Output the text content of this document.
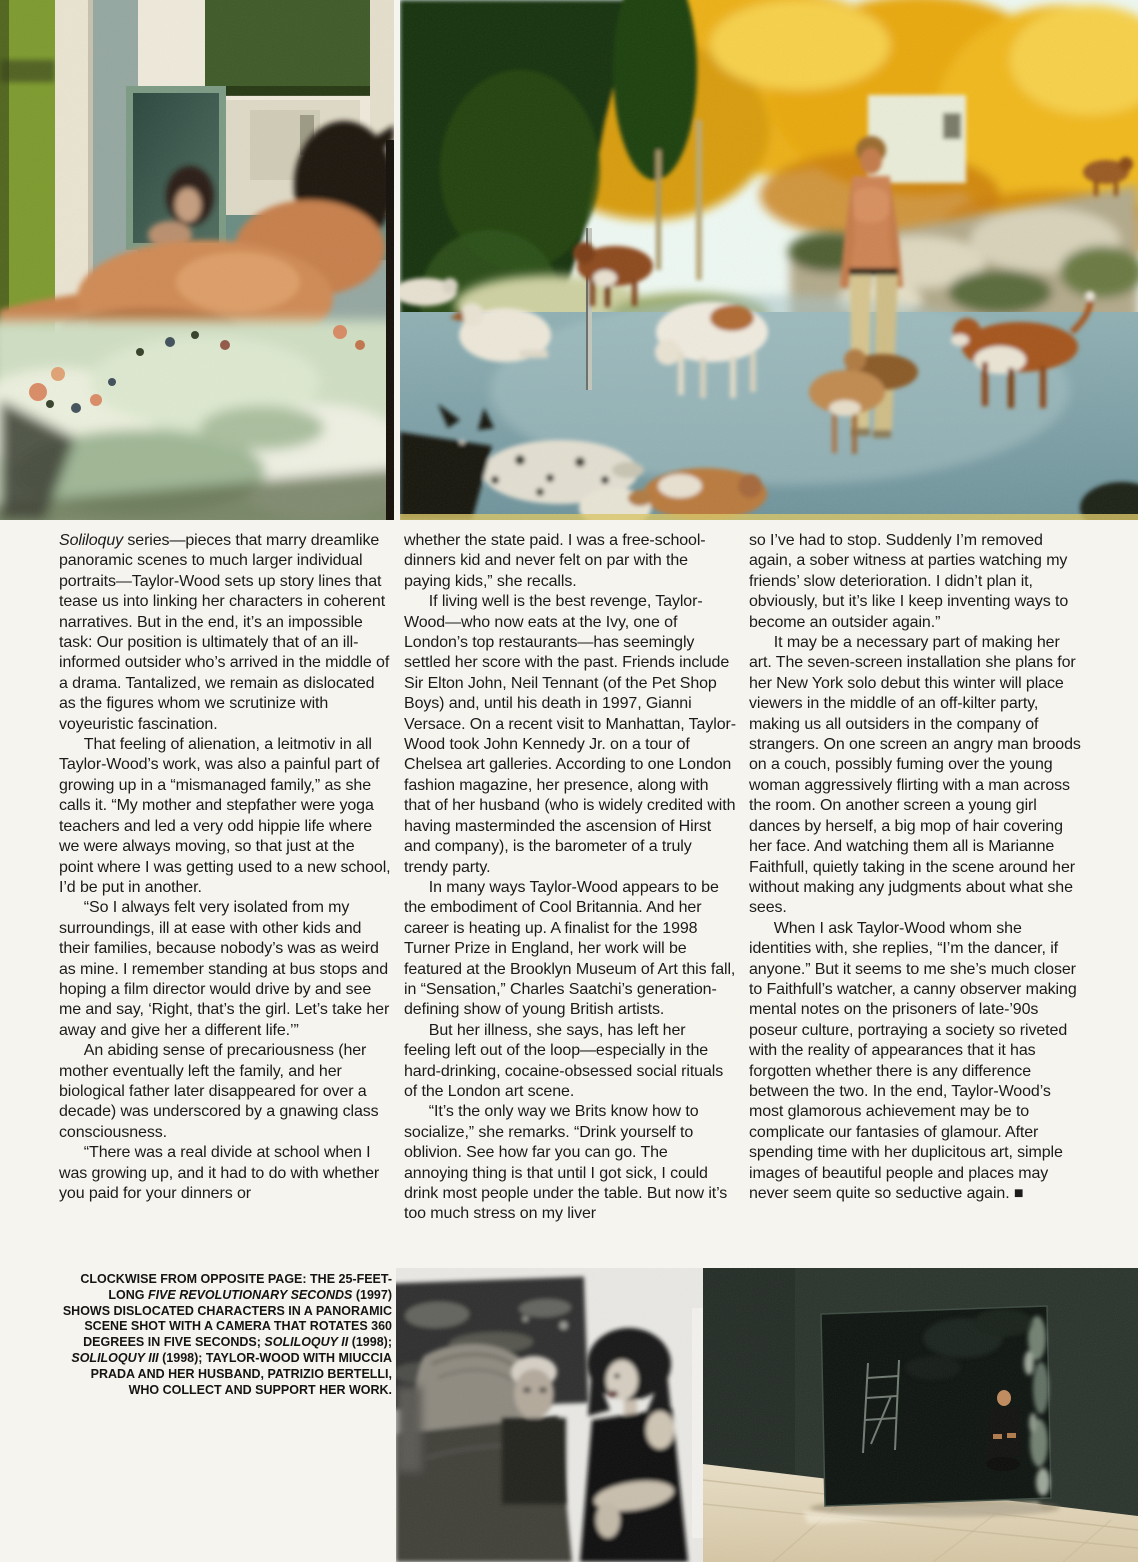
Soliloquy series—pieces that marry dreamlike panoramic scenes to much larger individual portraits—Taylor-Wood sets up story lines that tease us into linking her characters in coherent narratives. But in the end, it’s an impossible task: Our position is ultimately that of an ill-informed outsider who’s arrived in the middle of a drama. Tantalized, we remain as dislocated as the figures whom we scrutinize with voyeuristic fascination.

That feeling of alienation, a leitmotiv in all Taylor-Wood’s work, was also a painful part of growing up in a “mismanaged family,” as she calls it. “My mother and stepfather were yoga teachers and led a very odd hippie life where we were always moving, so that just at the point where I was getting used to a new school, I’d be put in another.

“So I always felt very isolated from my surroundings, ill at ease with other kids and their families, because nobody’s was as weird as mine. I remember standing at bus stops and hoping a film director would drive by and see me and say, ‘Right, that’s the girl. Let’s take her away and give her a different life.’”

An abiding sense of precariousness (her mother eventually left the family, and her biological father later disappeared for over a decade) was underscored by a gnawing class consciousness.

“There was a real divide at school when I was growing up, and it had to do with whether you paid for your dinners or

whether the state paid. I was a free-school-dinners kid and never felt on par with the paying kids,” she recalls.

If living well is the best revenge, Taylor-Wood—who now eats at the Ivy, one of London’s top restaurants—has seemingly settled her score with the past. Friends include Sir Elton John, Neil Tennant (of the Pet Shop Boys) and, until his death in 1997, Gianni Versace. On a recent visit to Manhattan, Taylor-Wood took John Kennedy Jr. on a tour of Chelsea art galleries. According to one London fashion magazine, her presence, along with that of her husband (who is widely credited with having masterminded the ascension of Hirst and company), is the barometer of a truly trendy party.

In many ways Taylor-Wood appears to be the embodiment of Cool Britannia. And her career is heating up. A finalist for the 1998 Turner Prize in England, her work will be featured at the Brooklyn Museum of Art this fall, in “Sensation,” Charles Saatchi’s generation-defining show of young British artists.

But her illness, she says, has left her feeling left out of the loop—especially in the hard-drinking, cocaine-obsessed social rituals of the London art scene.

“It’s the only way we Brits know how to socialize,” she remarks. “Drink yourself to oblivion. See how far you can go. The annoying thing is that until I got sick, I could drink most people under the table. But now it’s too much stress on my liver

so I’ve had to stop. Suddenly I’m removed again, a sober witness at parties watching my friends’ slow deterioration. I didn’t plan it, obviously, but it’s like I keep inventing ways to become an outsider again.”

It may be a necessary part of making her art. The seven-screen installation she plans for her New York solo debut this winter will place viewers in the middle of an off-kilter party, making us all outsiders in the company of strangers. On one screen an angry man broods on a couch, possibly fuming over the young woman aggressively flirting with a man across the room. On another screen a young girl dances by herself, a big mop of hair covering her face. And watching them all is Marianne Faithfull, quietly taking in the scene around her without making any judgments about what she sees.

When I ask Taylor-Wood whom she identities with, she replies, “I’m the dancer, if anyone.” But it seems to me she’s much closer to Faithfull’s watcher, a canny observer making mental notes on the prisoners of late-’90s poseur culture, portraying a society so riveted with the reality of appearances that it has forgotten whether there is any difference between the two. In the end, Taylor-Wood’s most glamorous achievement may be to complicate our fantasies of glamour. After spending time with her duplicitous art, simple images of beautiful people and places may never seem quite so seductive again. ■

CLOCKWISE FROM OPPOSITE PAGE: THE 25-FEET-LONG FIVE REVOLUTIONARY SECONDS (1997) SHOWS DISLOCATED CHARACTERS IN A PANORAMIC SCENE SHOT WITH A CAMERA THAT ROTATES 360 DEGREES IN FIVE SECONDS; SOLILOQUY II (1998); SOLILOQUY III (1998); TAYLOR-WOOD WITH MIUCCIA PRADA AND HER HUSBAND, PATRIZIO BERTELLI, WHO COLLECT AND SUPPORT HER WORK.
